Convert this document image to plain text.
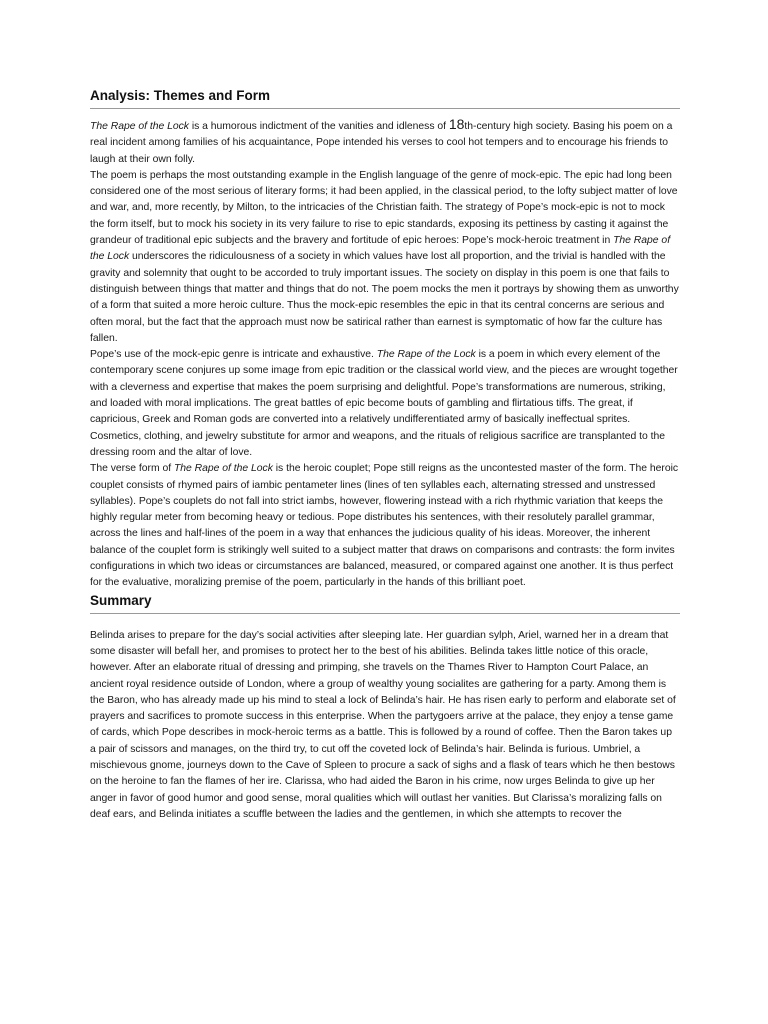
Analysis: Themes and Form

The Rape of the Lock is a humorous indictment of the vanities and idleness of 18th-century high society. Basing his poem on a real incident among families of his acquaintance, Pope intended his verses to cool hot tempers and to encourage his friends to laugh at their own folly.

The poem is perhaps the most outstanding example in the English language of the genre of mock-epic. The epic had long been considered one of the most serious of literary forms; it had been applied, in the classical period, to the lofty subject matter of love and war, and, more recently, by Milton, to the intricacies of the Christian faith. The strategy of Pope’s mock-epic is not to mock the form itself, but to mock his society in its very failure to rise to epic standards, exposing its pettiness by casting it against the grandeur of traditional epic subjects and the bravery and fortitude of epic heroes: Pope’s mock-heroic treatment in The Rape of the Lock underscores the ridiculousness of a society in which values have lost all proportion, and the trivial is handled with the gravity and solemnity that ought to be accorded to truly important issues. The society on display in this poem is one that fails to distinguish between things that matter and things that do not. The poem mocks the men it portrays by showing them as unworthy of a form that suited a more heroic culture. Thus the mock-epic resembles the epic in that its central concerns are serious and often moral, but the fact that the approach must now be satirical rather than earnest is symptomatic of how far the culture has fallen.

Pope’s use of the mock-epic genre is intricate and exhaustive. The Rape of the Lock is a poem in which every element of the contemporary scene conjures up some image from epic tradition or the classical world view, and the pieces are wrought together with a cleverness and expertise that makes the poem surprising and delightful. Pope’s transformations are numerous, striking, and loaded with moral implications. The great battles of epic become bouts of gambling and flirtatious tiffs. The great, if capricious, Greek and Roman gods are converted into a relatively undifferentiated army of basically ineffectual sprites. Cosmetics, clothing, and jewelry substitute for armor and weapons, and the rituals of religious sacrifice are transplanted to the dressing room and the altar of love.

The verse form of The Rape of the Lock is the heroic couplet; Pope still reigns as the uncontested master of the form. The heroic couplet consists of rhymed pairs of iambic pentameter lines (lines of ten syllables each, alternating stressed and unstressed syllables). Pope’s couplets do not fall into strict iambs, however, flowering instead with a rich rhythmic variation that keeps the highly regular meter from becoming heavy or tedious. Pope distributes his sentences, with their resolutely parallel grammar, across the lines and half-lines of the poem in a way that enhances the judicious quality of his ideas. Moreover, the inherent balance of the couplet form is strikingly well suited to a subject matter that draws on comparisons and contrasts: the form invites configurations in which two ideas or circumstances are balanced, measured, or compared against one another. It is thus perfect for the evaluative, moralizing premise of the poem, particularly in the hands of this brilliant poet.

Summary

Belinda arises to prepare for the day’s social activities after sleeping late. Her guardian sylph, Ariel, warned her in a dream that some disaster will befall her, and promises to protect her to the best of his abilities. Belinda takes little notice of this oracle, however. After an elaborate ritual of dressing and primping, she travels on the Thames River to Hampton Court Palace, an ancient royal residence outside of London, where a group of wealthy young socialites are gathering for a party. Among them is the Baron, who has already made up his mind to steal a lock of Belinda’s hair. He has risen early to perform and elaborate set of prayers and sacrifices to promote success in this enterprise. When the partygoers arrive at the palace, they enjoy a tense game of cards, which Pope describes in mock-heroic terms as a battle. This is followed by a round of coffee. Then the Baron takes up a pair of scissors and manages, on the third try, to cut off the coveted lock of Belinda’s hair. Belinda is furious. Umbriel, a mischievous gnome, journeys down to the Cave of Spleen to procure a sack of sighs and a flask of tears which he then bestows on the heroine to fan the flames of her ire. Clarissa, who had aided the Baron in his crime, now urges Belinda to give up her anger in favor of good humor and good sense, moral qualities which will outlast her vanities. But Clarissa’s moralizing falls on deaf ears, and Belinda initiates a scuffle between the ladies and the gentlemen, in which she attempts to recover the
